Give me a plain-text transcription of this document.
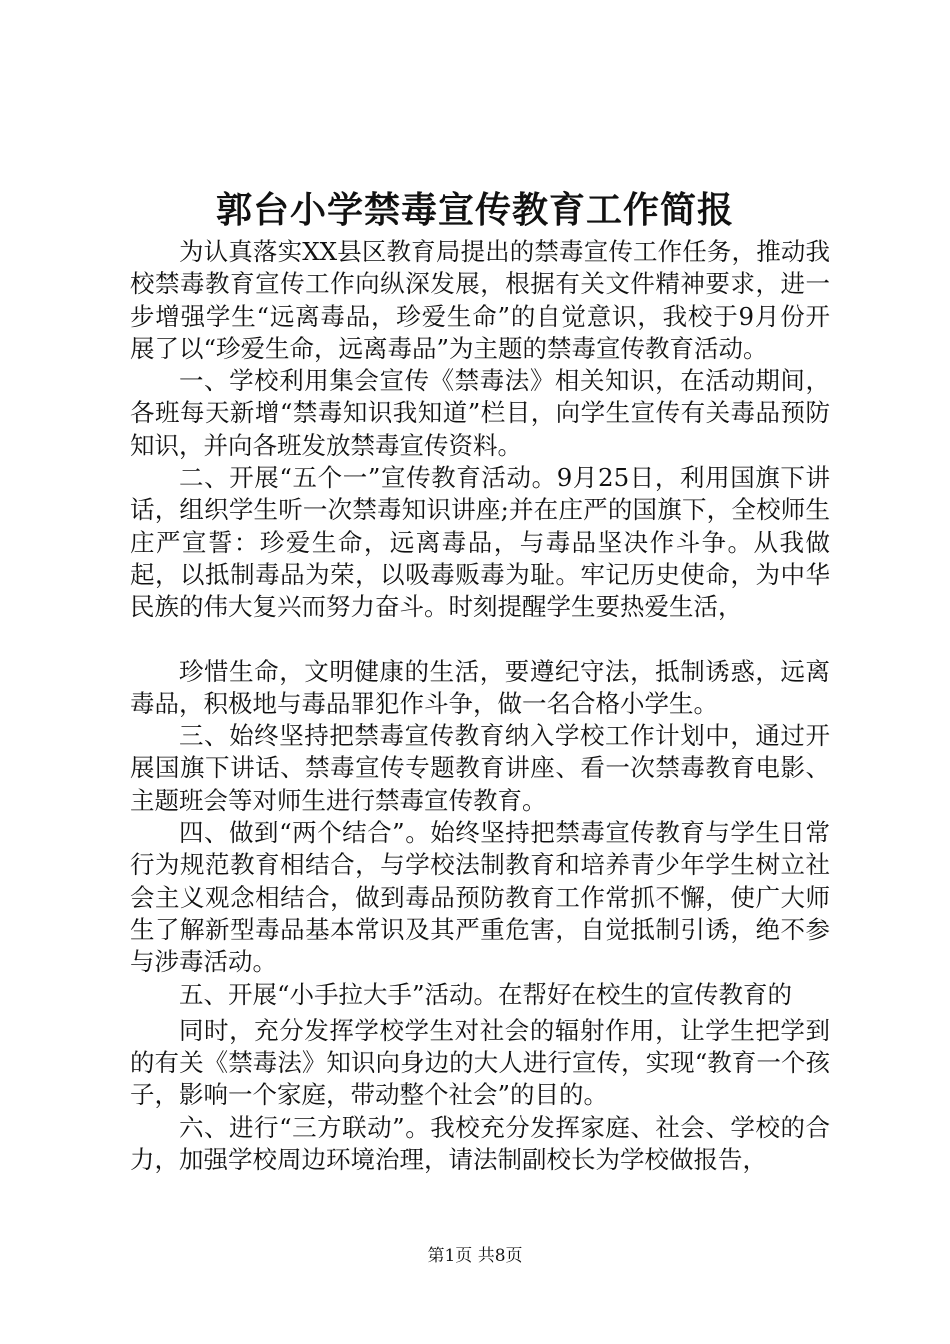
郭台小学禁毒宣传教育工作简报

为认真落实XX县区教育局提出的禁毒宣传工作任务，推动我校禁毒教育宣传工作向纵深发展，根据有关文件精神要求，进一步增强学生“远离毒品，珍爱生命”的自觉意识，我校于9月份开展了以“珍爱生命，远离毒品”为主题的禁毒宣传教育活动。

一、学校利用集会宣传《禁毒法》相关知识，在活动期间，各班每天新增“禁毒知识我知道”栏目，向学生宣传有关毒品预防知识，并向各班发放禁毒宣传资料。

二、开展“五个一”宣传教育活动。9月25日，利用国旗下讲话，组织学生听一次禁毒知识讲座;并在庄严的国旗下，全校师生庄严宣誓：珍爱生命，远离毒品，与毒品坚决作斗争。从我做起，以抵制毒品为荣，以吸毒贩毒为耻。牢记历史使命，为中华民族的伟大复兴而努力奋斗。时刻提醒学生要热爱生活，

珍惜生命，文明健康的生活，要遵纪守法，抵制诱惑，远离毒品，积极地与毒品罪犯作斗争，做一名合格小学生。

三、始终坚持把禁毒宣传教育纳入学校工作计划中，通过开展国旗下讲话、禁毒宣传专题教育讲座、看一次禁毒教育电影、主题班会等对师生进行禁毒宣传教育。

四、做到“两个结合”。始终坚持把禁毒宣传教育与学生日常行为规范教育相结合，与学校法制教育和培养青少年学生树立社会主义观念相结合，做到毒品预防教育工作常抓不懈，使广大师生了解新型毒品基本常识及其严重危害，自觉抵制引诱，绝不参与涉毒活动。

五、开展“小手拉大手”活动。在帮好在校生的宣传教育的

同时，充分发挥学校学生对社会的辐射作用，让学生把学到的有关《禁毒法》知识向身边的大人进行宣传，实现“教育一个孩子，影响一个家庭，带动整个社会”的目的。

六、进行“三方联动”。我校充分发挥家庭、社会、学校的合力，加强学校周边环境治理，请法制副校长为学校做报告，

第1页 共8页
